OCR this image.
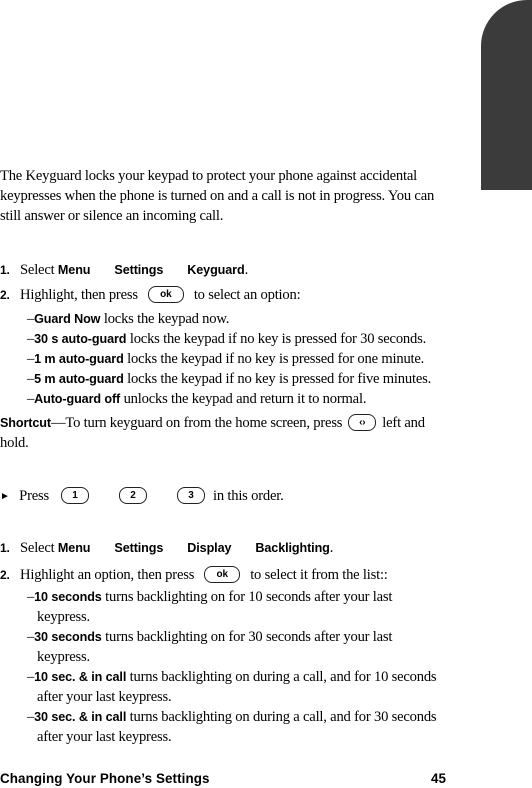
The Keyguard locks your keypad to protect your phone against accidental
keypresses when the phone is turned on and a call is not in progress. You can
still answer or silence an incoming call.
1. Select Menu Settings Keyguard.
2. Highlight, then press ok to select an option:
–Guard Now locks the keypad now.
–30 s auto-guard locks the keypad if no key is pressed for 30 seconds.
–1 m auto-guard locks the keypad if no key is pressed for one minute.
–5 m auto-guard locks the keypad if no key is pressed for five minutes.
–Auto-guard off unlocks the keypad and return it to normal.
Shortcut—To turn keyguard on from the home screen, press ‹› left and
hold.
► Press 1	2	3 in this order.
1. Select Menu Settings Display Backlighting.
2. Highlight an option, then press ok to select it from the list::
–10 seconds turns backlighting on for 10 seconds after your last
keypress.
–30 seconds turns backlighting on for 30 seconds after your last
keypress.
–10 sec. & in call turns backlighting on during a call, and for 10 seconds
after your last keypress.
–30 sec. & in call turns backlighting on during a call, and for 30 seconds
after your last keypress.
Changing Your Phone’s Settings	45
